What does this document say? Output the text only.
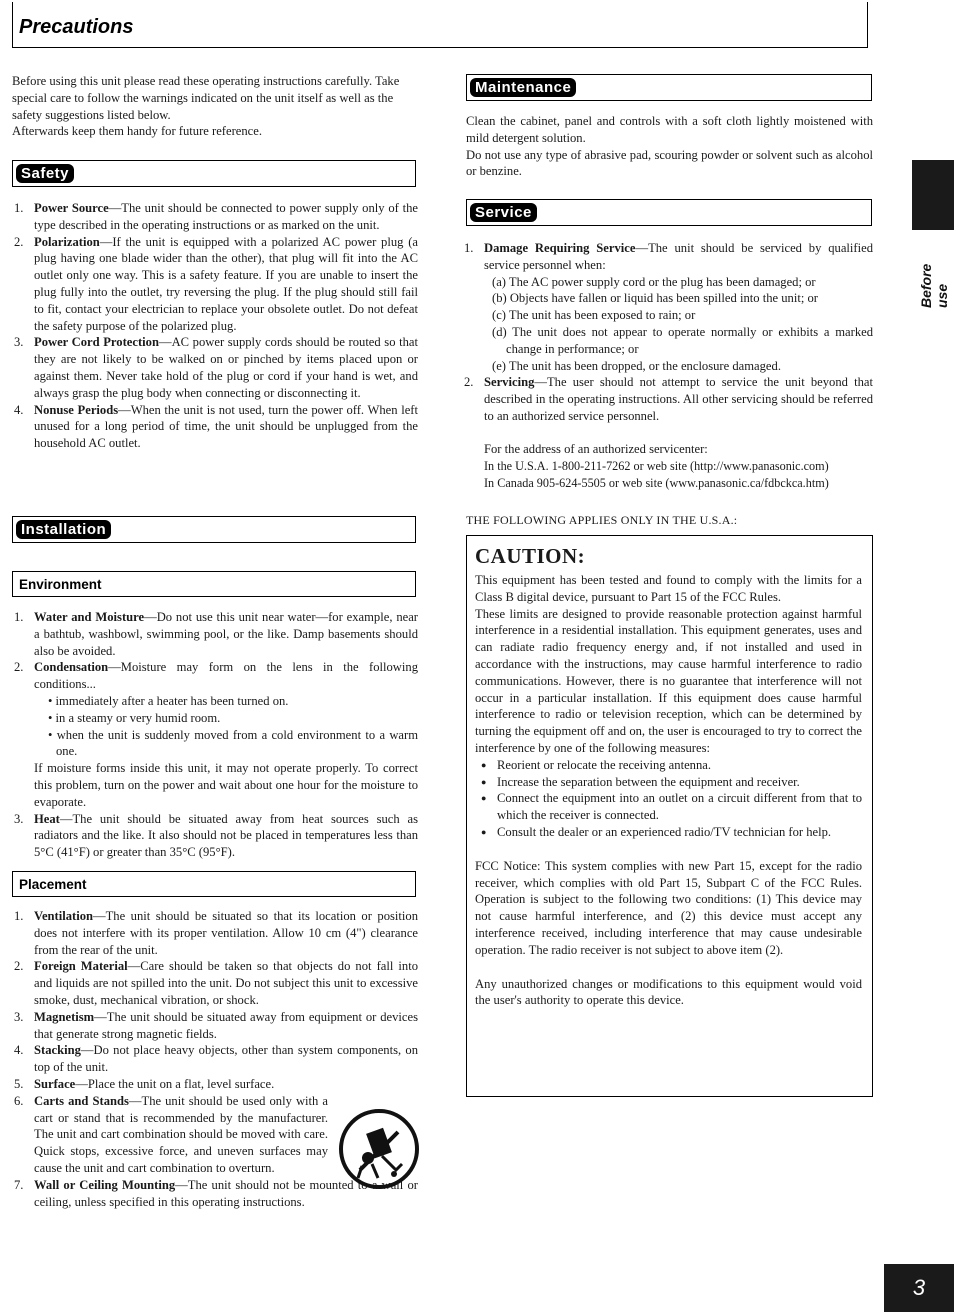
Precautions
Before use

Before using this unit please read these operating instructions carefully. Take special care to follow the warnings indicated on the unit itself as well as the safety suggestions listed below.

Afterwards keep them handy for future reference.

Safety
1. Power Source—The unit should be connected to power supply only of the type described in the operating instructions or as marked on the unit.
2. Polarization—If the unit is equipped with a polarized AC power plug (a plug having one blade wider than the other), that plug will fit into the AC outlet only one way. This is a safety feature. If you are unable to insert the plug fully into the outlet, try reversing the plug. If the plug should still fail to fit, contact your electrician to replace your obsolete outlet. Do not defeat the safety purpose of the polarized plug.
3. Power Cord Protection—AC power supply cords should be routed so that they are not likely to be walked on or pinched by items placed upon or against them. Never take hold of the plug or cord if your hand is wet, and always grasp the plug body when connecting or disconnecting it.
4. Nonuse Periods—When the unit is not used, turn the power off. When left unused for a long period of time, the unit should be unplugged from the household AC outlet.
Installation
Environment
1. Water and Moisture—Do not use this unit near water—for example, near a bathtub, washbowl, swimming pool, or the like. Damp basements should also be avoided.
2. Condensation—Moisture may form on the lens in the following conditions...
• immediately after a heater has been turned on.
• in a steamy or very humid room.
• when the unit is suddenly moved from a cold environment to a warm one.
If moisture forms inside this unit, it may not operate properly. To correct this problem, turn on the power and wait about one hour for the moisture to evaporate.
3. Heat—The unit should be situated away from heat sources such as radiators and the like. It also should not be placed in temperatures less than 5°C (41°F) or greater than 35°C (95°F).
Placement
1. Ventilation—The unit should be situated so that its location or position does not interfere with its proper ventilation. Allow 10 cm (4") clearance from the rear of the unit.
2. Foreign Material—Care should be taken so that objects do not fall into and liquids are not spilled into the unit. Do not subject this unit to excessive smoke, dust, mechanical vibration, or shock.
3. Magnetism—The unit should be situated away from equipment or devices that generate strong magnetic fields.
4. Stacking—Do not place heavy objects, other than system components, on top of the unit.
5. Surface—Place the unit on a flat, level surface.
6. Carts and Stands—The unit should be used only with a cart or stand that is recommended by the manufacturer. The unit and cart combination should be moved with care. Quick stops, excessive force, and uneven surfaces may cause the unit and cart combination to overturn.
7. Wall or Ceiling Mounting—The unit should not be mounted to a wall or ceiling, unless specified in this operating instructions.
Maintenance

Clean the cabinet, panel and controls with a soft cloth lightly moistened with mild detergent solution.

Do not use any type of abrasive pad, scouring powder or solvent such as alcohol or benzine.

Service
1. Damage Requiring Service—The unit should be serviced by qualified service personnel when:
(a) The AC power supply cord or the plug has been damaged; or
(b) Objects have fallen or liquid has been spilled into the unit; or
(c) The unit has been exposed to rain; or
(d) The unit does not appear to operate normally or exhibits a marked change in performance; or
(e) The unit has been dropped, or the enclosure damaged.
2. Servicing—The user should not attempt to service the unit beyond that described in the operating instructions. All other servicing should be referred to an authorized service personnel.

For the address of an authorized servicenter:

In the U.S.A. 1-800-211-7262 or web site (http://www.panasonic.com)

In Canada 905-624-5505 or web site (www.panasonic.ca/fdbckca.htm)

THE FOLLOWING APPLIES ONLY IN THE U.S.A.:
CAUTION:

This equipment has been tested and found to comply with the limits for a Class B digital device, pursuant to Part 15 of the FCC Rules.

These limits are designed to provide reasonable protection against harmful interference in a residential installation. This equipment generates, uses and can radiate radio frequency energy and, if not installed and used in accordance with the instructions, may cause harmful interference to radio communications. However, there is no guarantee that interference will not occur in a particular installation. If this equipment does cause harmful interference to radio or television reception, which can be determined by turning the equipment off and on, the user is encouraged to try to correct the interference by one of the following measures:

● Reorient or relocate the receiving antenna.
● Increase the separation between the equipment and receiver.
● Connect the equipment into an outlet on a circuit different from that to which the receiver is connected.
● Consult the dealer or an experienced radio/TV technician for help.

FCC Notice: This system complies with new Part 15, except for the radio receiver, which complies with old Part 15, Subpart C of the FCC Rules. Operation is subject to the following two conditions: (1) This device may not cause harmful interference, and (2) this device must accept any interference received, including interference that may cause undesirable operation. The radio receiver is not subject to above item (2).

Any unauthorized changes or modifications to this equipment would void the user's authority to operate this device.

3
